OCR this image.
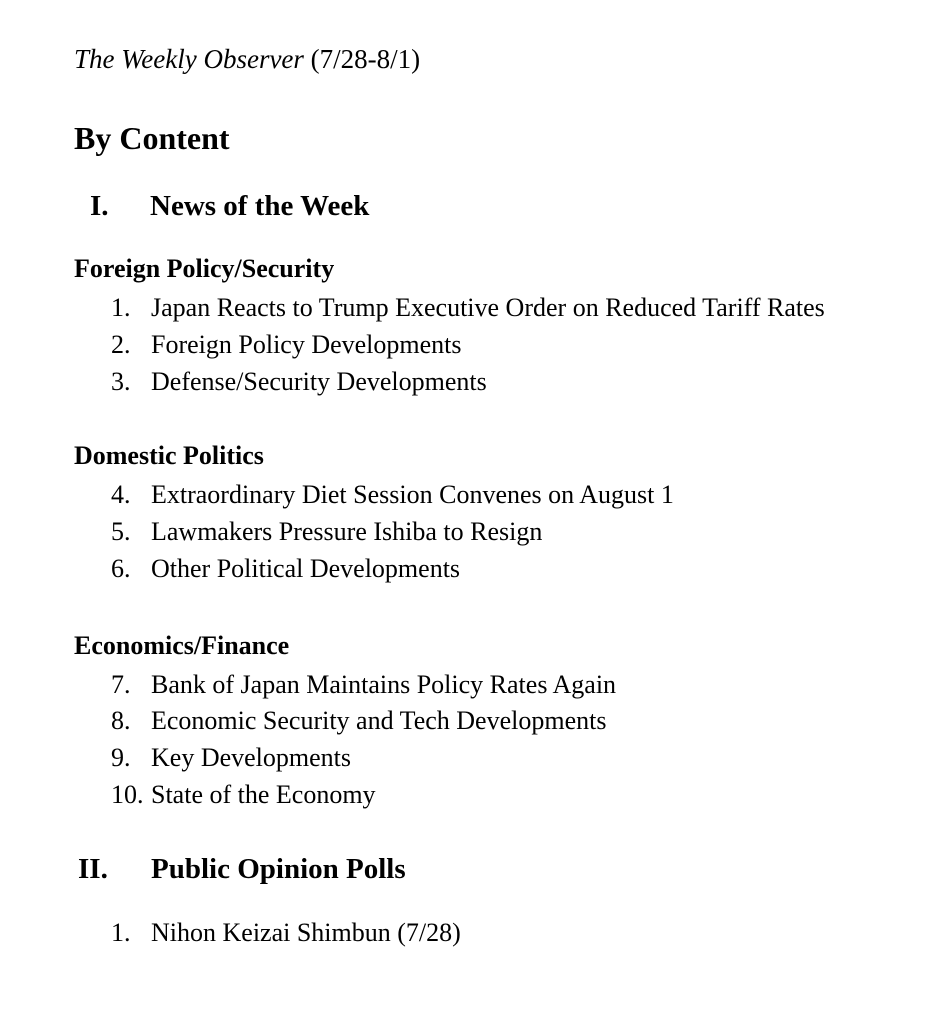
The Weekly Observer (7/28-8/1)
By Content
I. News of the Week
Foreign Policy/Security
1. Japan Reacts to Trump Executive Order on Reduced Tariff Rates
2. Foreign Policy Developments
3. Defense/Security Developments
Domestic Politics
4. Extraordinary Diet Session Convenes on August 1
5. Lawmakers Pressure Ishiba to Resign
6. Other Political Developments
Economics/Finance
7. Bank of Japan Maintains Policy Rates Again
8. Economic Security and Tech Developments
9. Key Developments
10. State of the Economy
II. Public Opinion Polls
1. Nihon Keizai Shimbun (7/28)
